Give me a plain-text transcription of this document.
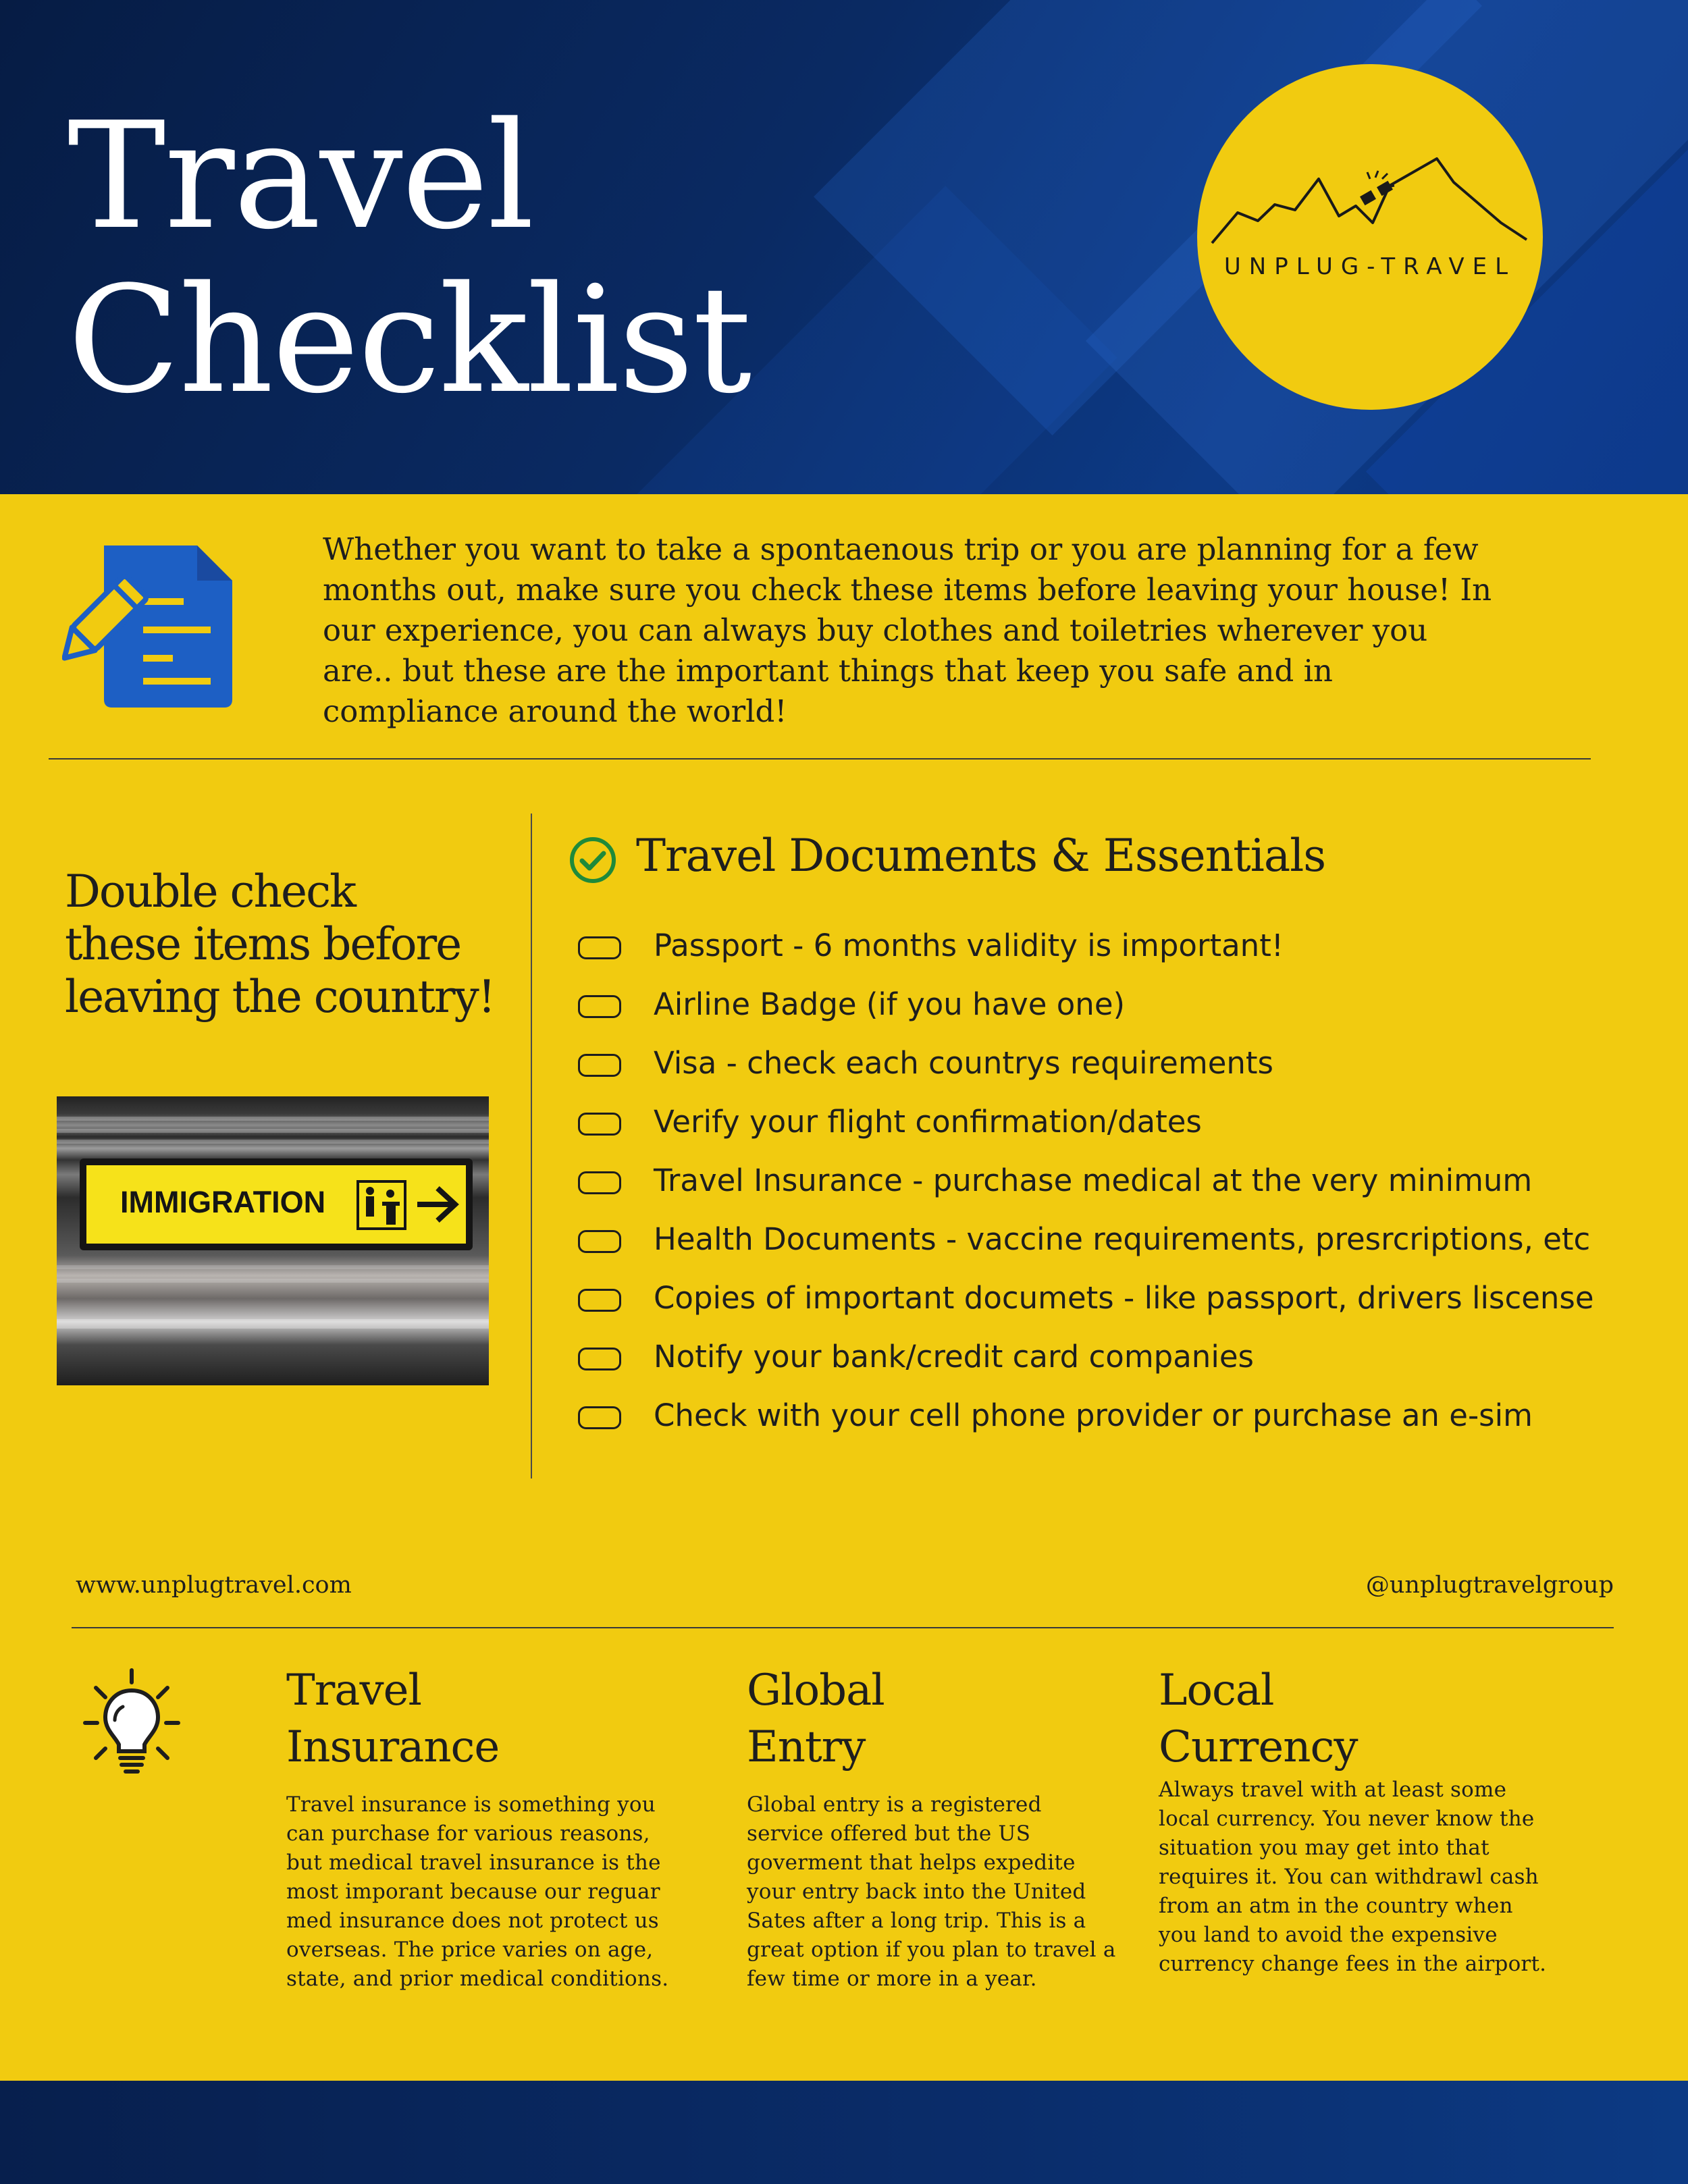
Travel
Checklist	UNPLUG-TRAVEL
Whether you want to take a spontaenous trip or you are planning for a few months out, make sure you check these items before leaving your house! In our experience, you can always buy clothes and toiletries wherever you are.. but these are the important things that keep you safe and in compliance around the world!
Double check
these items before
leaving the country!
IMMIGRATION
Travel Documents & Essentials
Passport - 6 months validity is important!
Airline Badge (if you have one)
Visa - check each countrys requirements
Verify your flight confirmation/dates
Travel Insurance - purchase medical at the very minimum
Health Documents - vaccine requirements, presrcriptions, etc
Copies of important documets - like passport, drivers liscense
Notify your bank/credit card companies
Check with your cell phone provider or purchase an e-sim
www.unplugtravel.com	@unplugtravelgroup
Travel
Insurance
Travel insurance is something you can purchase for various reasons, but medical travel insurance is the most imporant because our reguar med insurance does not protect us overseas. The price varies on age, state, and prior medical conditions.
Global
Entry
Global entry is a registered service offered but the US goverment that helps expedite your entry back into the United Sates after a long trip. This is a great option if you plan to travel a few time or more in a year.
Local
Currency
Always travel with at least some local currency. You never know the situation you may get into that requires it. You can withdrawl cash from an atm in the country when you land to avoid the expensive currency change fees in the airport.
